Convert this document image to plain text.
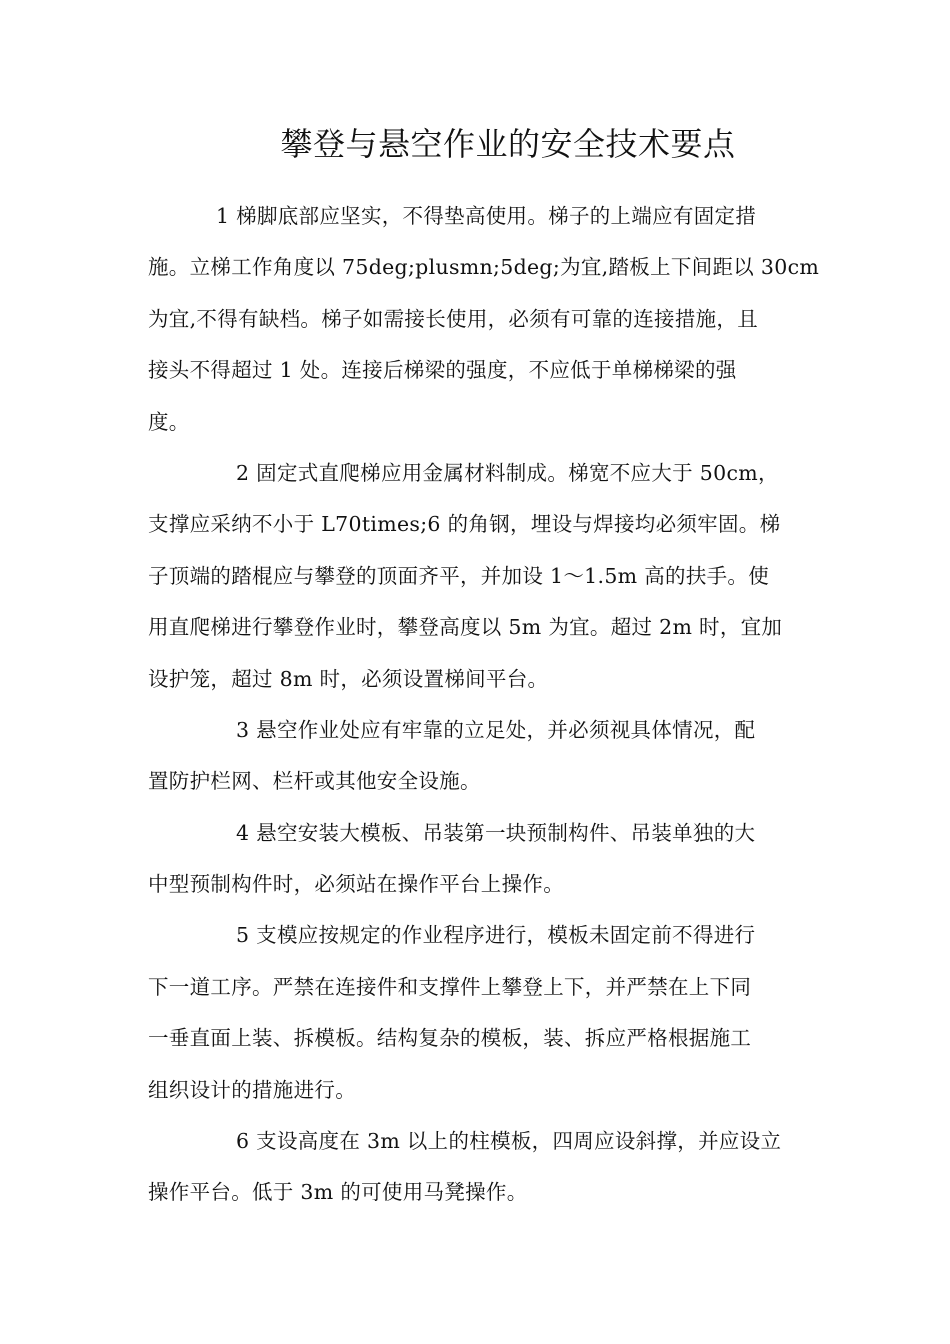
攀登与悬空作业的安全技术要点
1 梯脚底部应坚实，不得垫高使用。梯子的上端应有固定措
施。立梯工作角度以 75deg;plusmn;5deg;为宜,踏板上下间距以 30cm
为宜,不得有缺档。梯子如需接长使用，必须有可靠的连接措施，且
接头不得超过 1 处。连接后梯梁的强度，不应低于单梯梯梁的强
度。
2 固定式直爬梯应用金属材料制成。梯宽不应大于 50cm，
支撑应采纳不小于 L70times;6 的角钢，埋设与焊接均必须牢固。梯
子顶端的踏棍应与攀登的顶面齐平，并加设 1～1.5m 高的扶手。使
用直爬梯进行攀登作业时，攀登高度以 5m 为宜。超过 2m 时，宜加
设护笼，超过 8m 时，必须设置梯间平台。
3 悬空作业处应有牢靠的立足处，并必须视具体情况，配
置防护栏网、栏杆或其他安全设施。
4 悬空安装大模板、吊装第一块预制构件、吊装单独的大
中型预制构件时，必须站在操作平台上操作。
5 支模应按规定的作业程序进行，模板未固定前不得进行
下一道工序。严禁在连接件和支撑件上攀登上下，并严禁在上下同
一垂直面上装、拆模板。结构复杂的模板，装、拆应严格根据施工
组织设计的措施进行。
6 支设高度在 3m 以上的柱模板，四周应设斜撑，并应设立
操作平台。低于 3m 的可使用马凳操作。
